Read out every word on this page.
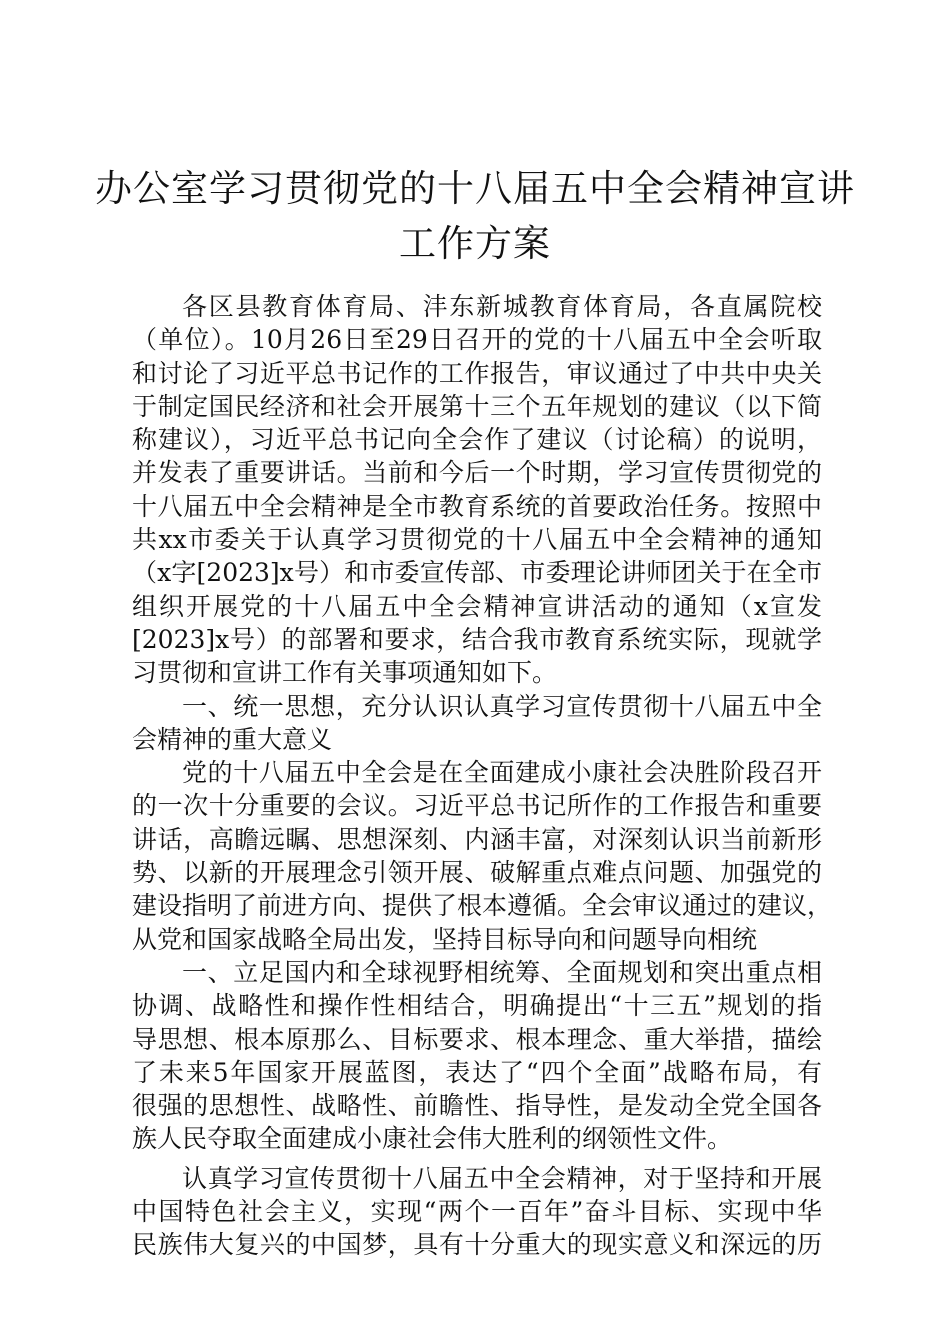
办公室学习贯彻党的十八届五中全会精神宣讲
工作方案
各区县教育体育局、沣东新城教育体育局，各直属院校
（单位）。10月26日至29日召开的党的十八届五中全会听取
和讨论了习近平总书记作的工作报告，审议通过了中共中央关
于制定国民经济和社会开展第十三个五年规划的建议（以下简
称建议），习近平总书记向全会作了建议（讨论稿）的说明，
并发表了重要讲话。当前和今后一个时期，学习宣传贯彻党的
十八届五中全会精神是全市教育系统的首要政治任务。按照中
共xx市委关于认真学习贯彻党的十八届五中全会精神的通知
（x字[2023]x号）和市委宣传部、市委理论讲师团关于在全市
组织开展党的十八届五中全会精神宣讲活动的通知（x宣发
[2023]x号）的部署和要求，结合我市教育系统实际，现就学
习贯彻和宣讲工作有关事项通知如下。
一、统一思想，充分认识认真学习宣传贯彻十八届五中全
会精神的重大意义
党的十八届五中全会是在全面建成小康社会决胜阶段召开
的一次十分重要的会议。习近平总书记所作的工作报告和重要
讲话，高瞻远瞩、思想深刻、内涵丰富，对深刻认识当前新形
势、以新的开展理念引领开展、破解重点难点问题、加强党的
建设指明了前进方向、提供了根本遵循。全会审议通过的建议，
从党和国家战略全局出发，坚持目标导向和问题导向相统
一、立足国内和全球视野相统筹、全面规划和突出重点相
协调、战略性和操作性相结合，明确提出“十三五”规划的指
导思想、根本原那么、目标要求、根本理念、重大举措，描绘
了未来5年国家开展蓝图，表达了“四个全面”战略布局，有
很强的思想性、战略性、前瞻性、指导性，是发动全党全国各
族人民夺取全面建成小康社会伟大胜利的纲领性文件。
认真学习宣传贯彻十八届五中全会精神，对于坚持和开展
中国特色社会主义，实现“两个一百年”奋斗目标、实现中华
民族伟大复兴的中国梦，具有十分重大的现实意义和深远的历
